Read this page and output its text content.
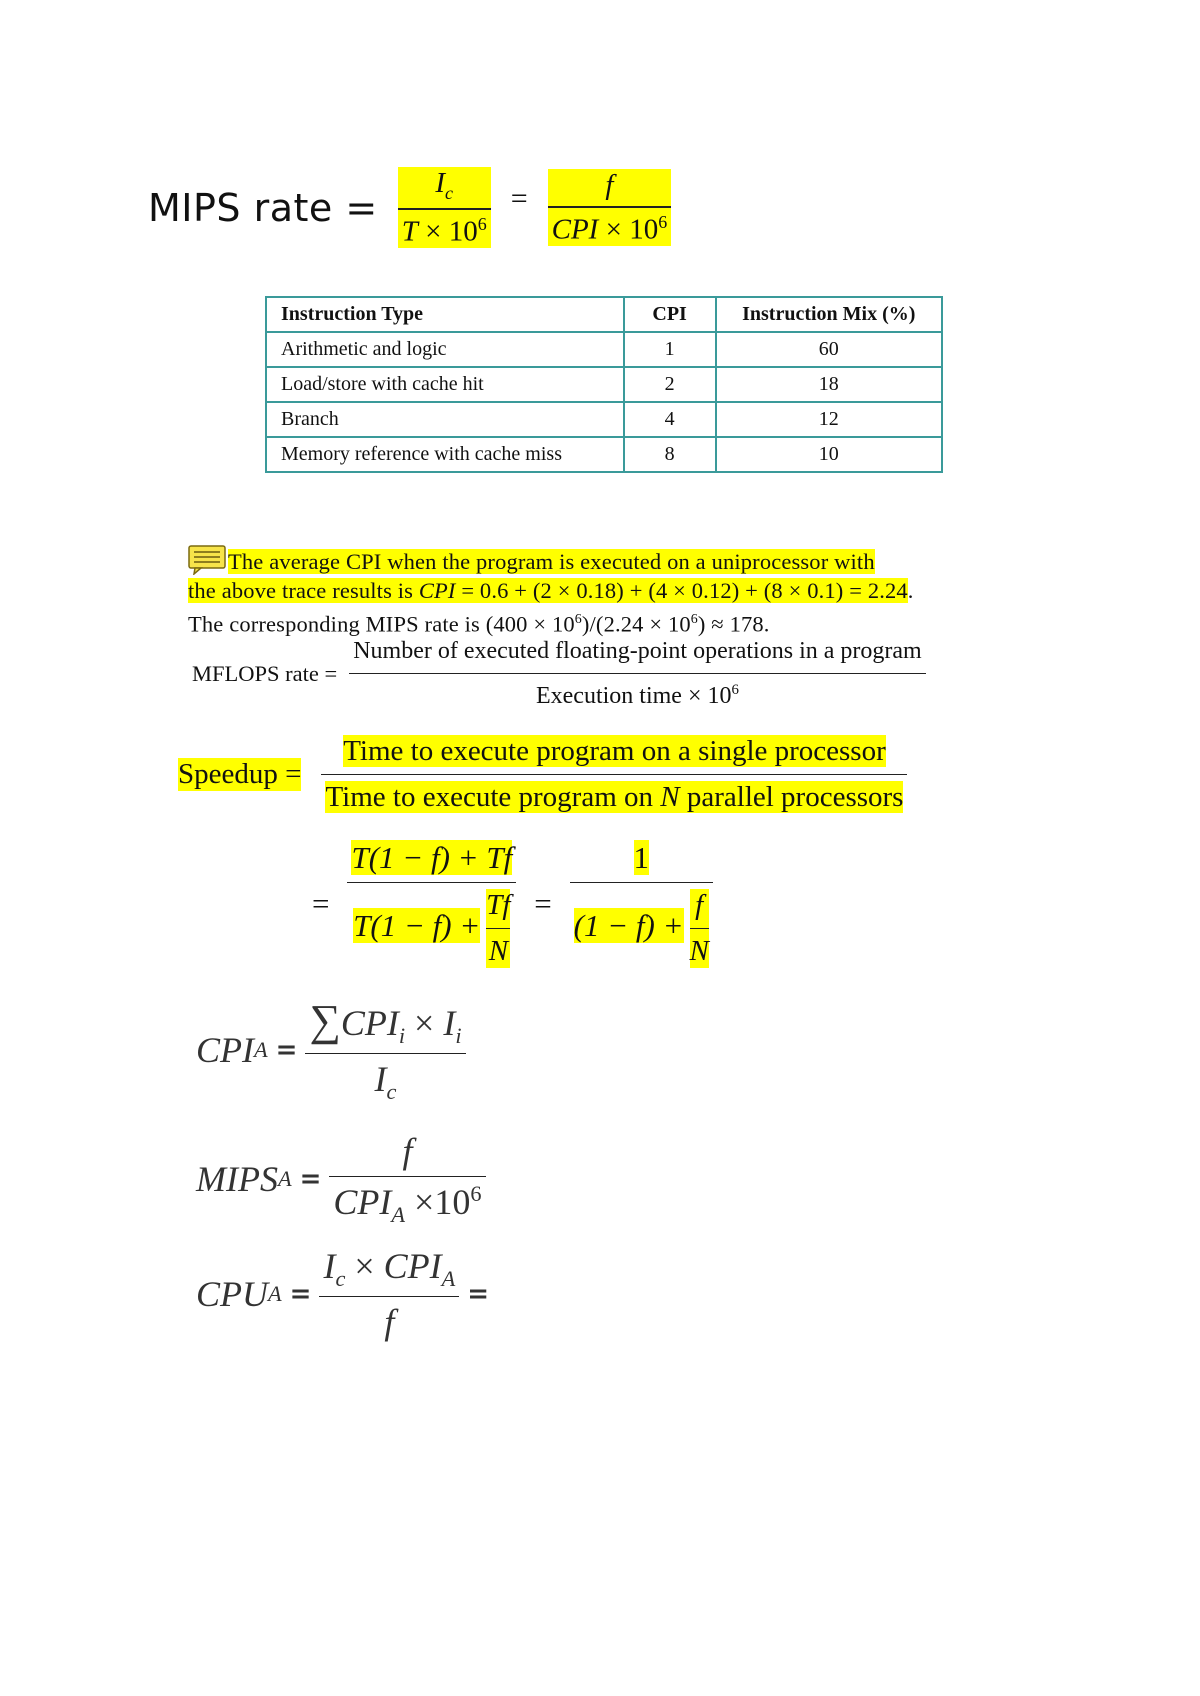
MIPS rate = $\frac{I_c}{T \times 10^6} = \frac{f}{CPI \times 10^6}$
Instruction Type	CPI	Instruction Mix (%)
Arithmetic and logic	1	60
Load/store with cache hit	2	18
Branch	4	12
Memory reference with cache miss	8	10
The average CPI when the program is executed on a uniprocessor with
the above trace results is CPI = 0.6 + (2 × 0.18) + (4 × 0.12) + (8 × 0.1) = 2.24.
The corresponding MIPS rate is $(400 \times 10^6)/(2.24 \times 10^6) \approx 178$.
MFLOPS rate = $\frac{\text{Number of executed floating-point operations in a program}}{Execution time \times 10^6}$
Speedup = $\frac{\text{Time to execute program on a single processor}}{\text{Time to execute program on N parallel processors}}$
= $\frac{T(1 - f) + Tf}{T(1 - f) + \frac{Tf}{N}} = \frac{1}{(1 - f) + \frac{f}{N}}$
CPI $A = \frac{\sum CPI_i \times I_i}{I_c}$
MIPS $A = \frac{f}{CPI_A \times 10^6}$
CPU $A = \frac{I_c \times CPI_A}{f}$ =
